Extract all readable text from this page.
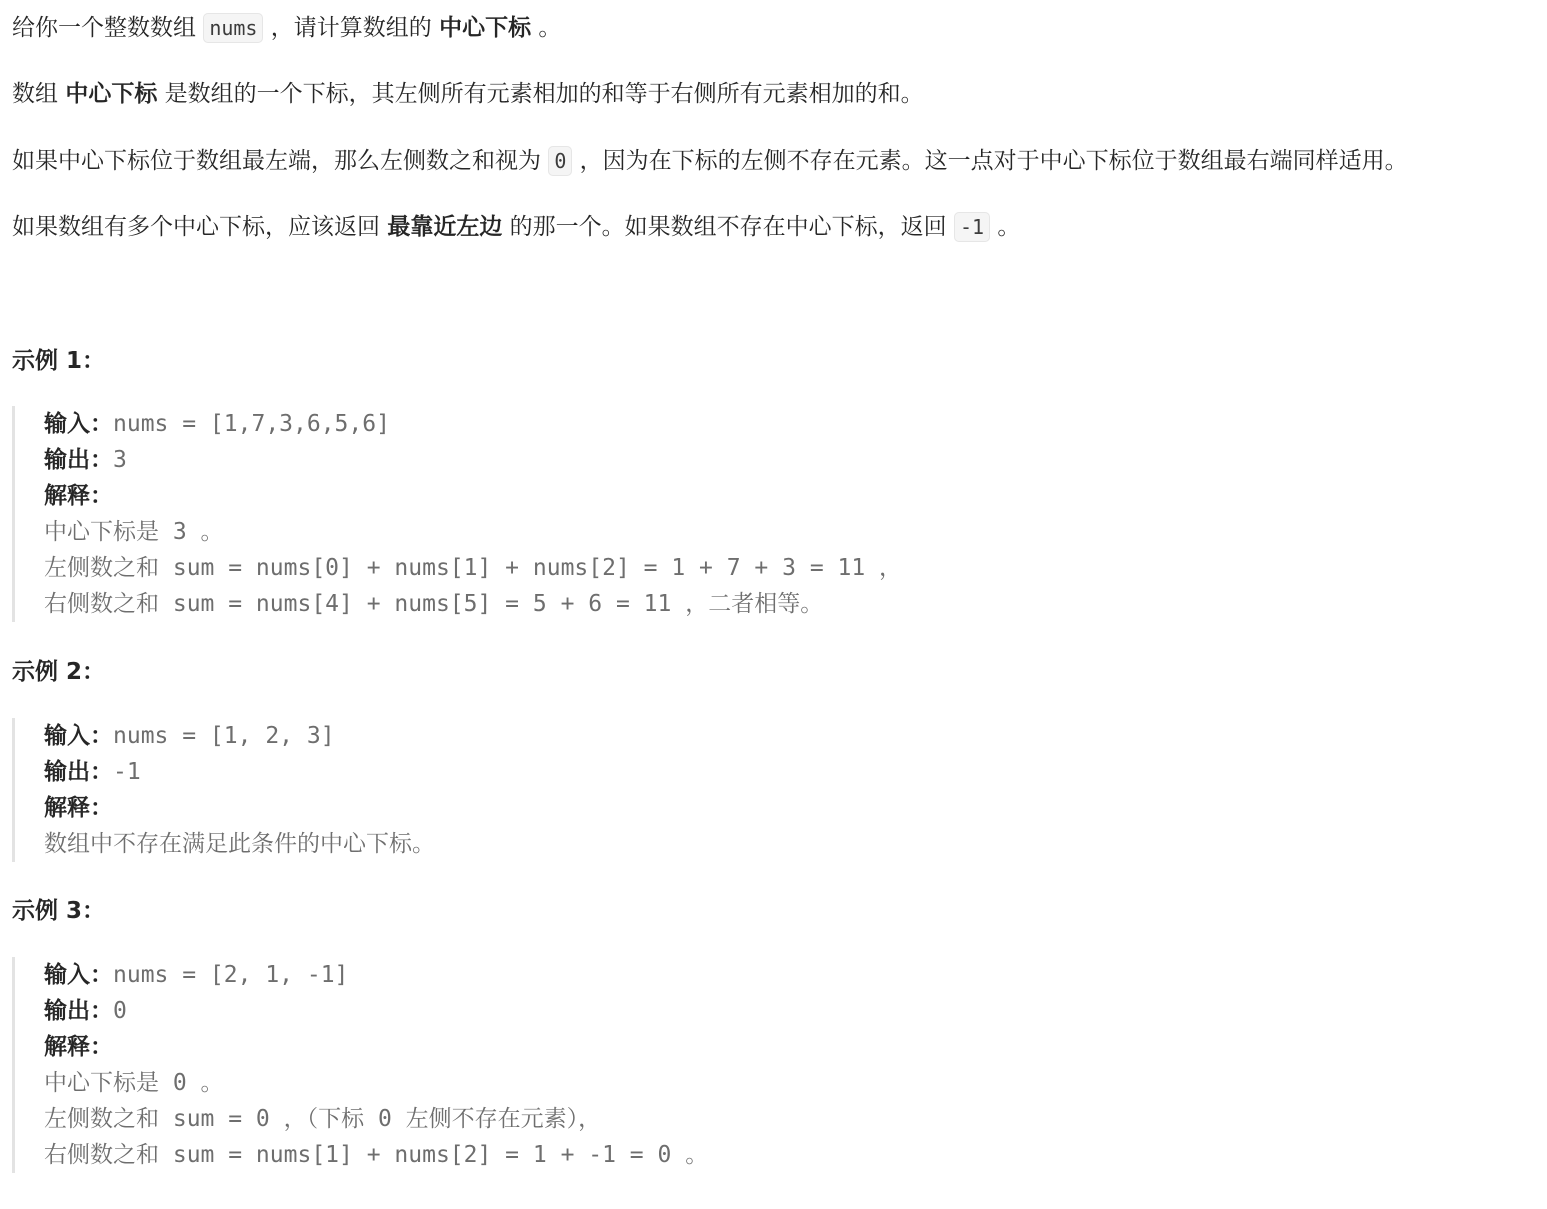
给你一个整数数组 nums ，请计算数组的 中心下标 。

数组 中心下标 是数组的一个下标，其左侧所有元素相加的和等于右侧所有元素相加的和。

如果中心下标位于数组最左端，那么左侧数之和视为 0 ，因为在下标的左侧不存在元素。这一点对于中心下标位于数组最右端同样适用。

如果数组有多个中心下标，应该返回 最靠近左边 的那一个。如果数组不存在中心下标，返回 -1 。

示例 1：
输入：nums = [1,7,3,6,5,6]
输出：3
解释：
中心下标是 3 。
左侧数之和 sum = nums[0] + nums[1] + nums[2] = 1 + 7 + 3 = 11 ，
右侧数之和 sum = nums[4] + nums[5] = 5 + 6 = 11 ，二者相等。
示例 2：
输入：nums = [1, 2, 3]
输出：-1
解释：
数组中不存在满足此条件的中心下标。
示例 3：
输入：nums = [2, 1, -1]
输出：0
解释：
中心下标是 0 。
左侧数之和 sum = 0 ，（下标 0 左侧不存在元素），
右侧数之和 sum = nums[1] + nums[2] = 1 + -1 = 0 。
